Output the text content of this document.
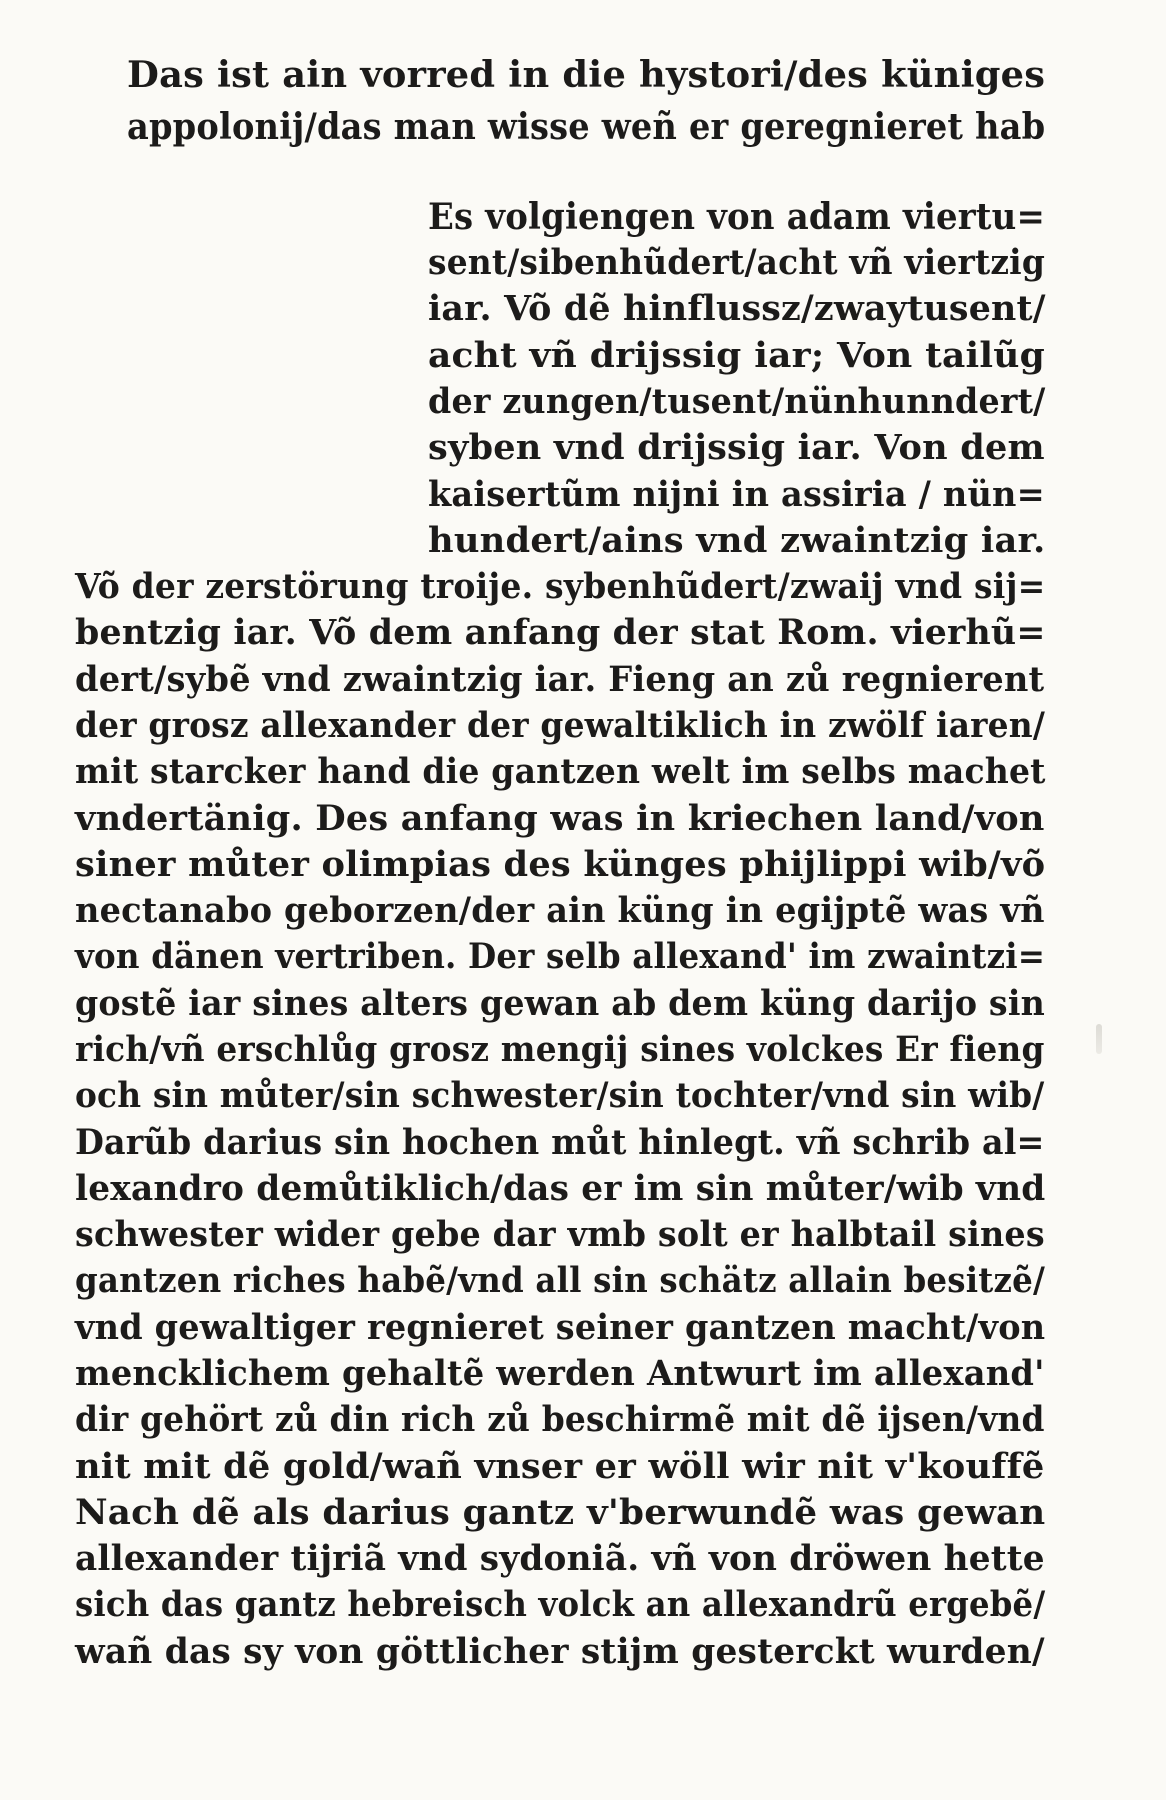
Das ist ain vorred in die hystori/des küniges
appolonij/das man wisse weñ er geregnieret hab
Es volgiengen von adam viertu=
sent/sibenhũdert/acht vñ viertzig
iar. Võ dẽ hinflussz/zwaytusent/
acht vñ drijssig iar; Von tailũg
der zungen/tusent/nünhunndert/
syben vnd drijssig iar. Von dem
kaisertũm nijni in assiria / nün=
hundert/ains vnd zwaintzig iar.
Võ der zerstörung troije. sybenhũdert/zwaij vnd sij=
bentzig iar. Võ dem anfang der stat Rom. vierhũ=
dert/sybẽ vnd zwaintzig iar. Fieng an zů regnierent
der grosz allexander der gewaltiklich in zwölf iaren/
mit starcker hand die gantzen welt im selbs machet
vndertänig. Des anfang was in kriechen land/von
siner můter olimpias des künges phijlippi wib/võ
nectanabo geborzen/der ain küng in egijptẽ was vñ
von dänen vertriben. Der selb allexand' im zwaintzi=
gostẽ iar sines alters gewan ab dem küng darijo sin
rich/vñ erschlůg grosz mengij sines volckes Er fieng
och sin můter/sin schwester/sin tochter/vnd sin wib/
Darũb darius sin hochen můt hinlegt. vñ schrib al=
lexandro demůtiklich/das er im sin můter/wib vnd
schwester wider gebe dar vmb solt er halbtail sines
gantzen riches habẽ/vnd all sin schätz allain besitzẽ/
vnd gewaltiger regnieret seiner gantzen macht/von
mencklichem gehaltẽ werden Antwurt im allexand'
dir gehört zů din rich zů beschirmẽ mit dẽ ijsen/vnd
nit mit dẽ gold/wañ vnser er wöll wir nit v'kouffẽ
Nach dẽ als darius gantz v'berwundẽ was gewan
allexander tijriã vnd sydoniã. vñ von dröwen hette
sich das gantz hebreisch volck an allexandrũ ergebẽ/
wañ das sy von göttlicher stijm gesterckt wurden/
